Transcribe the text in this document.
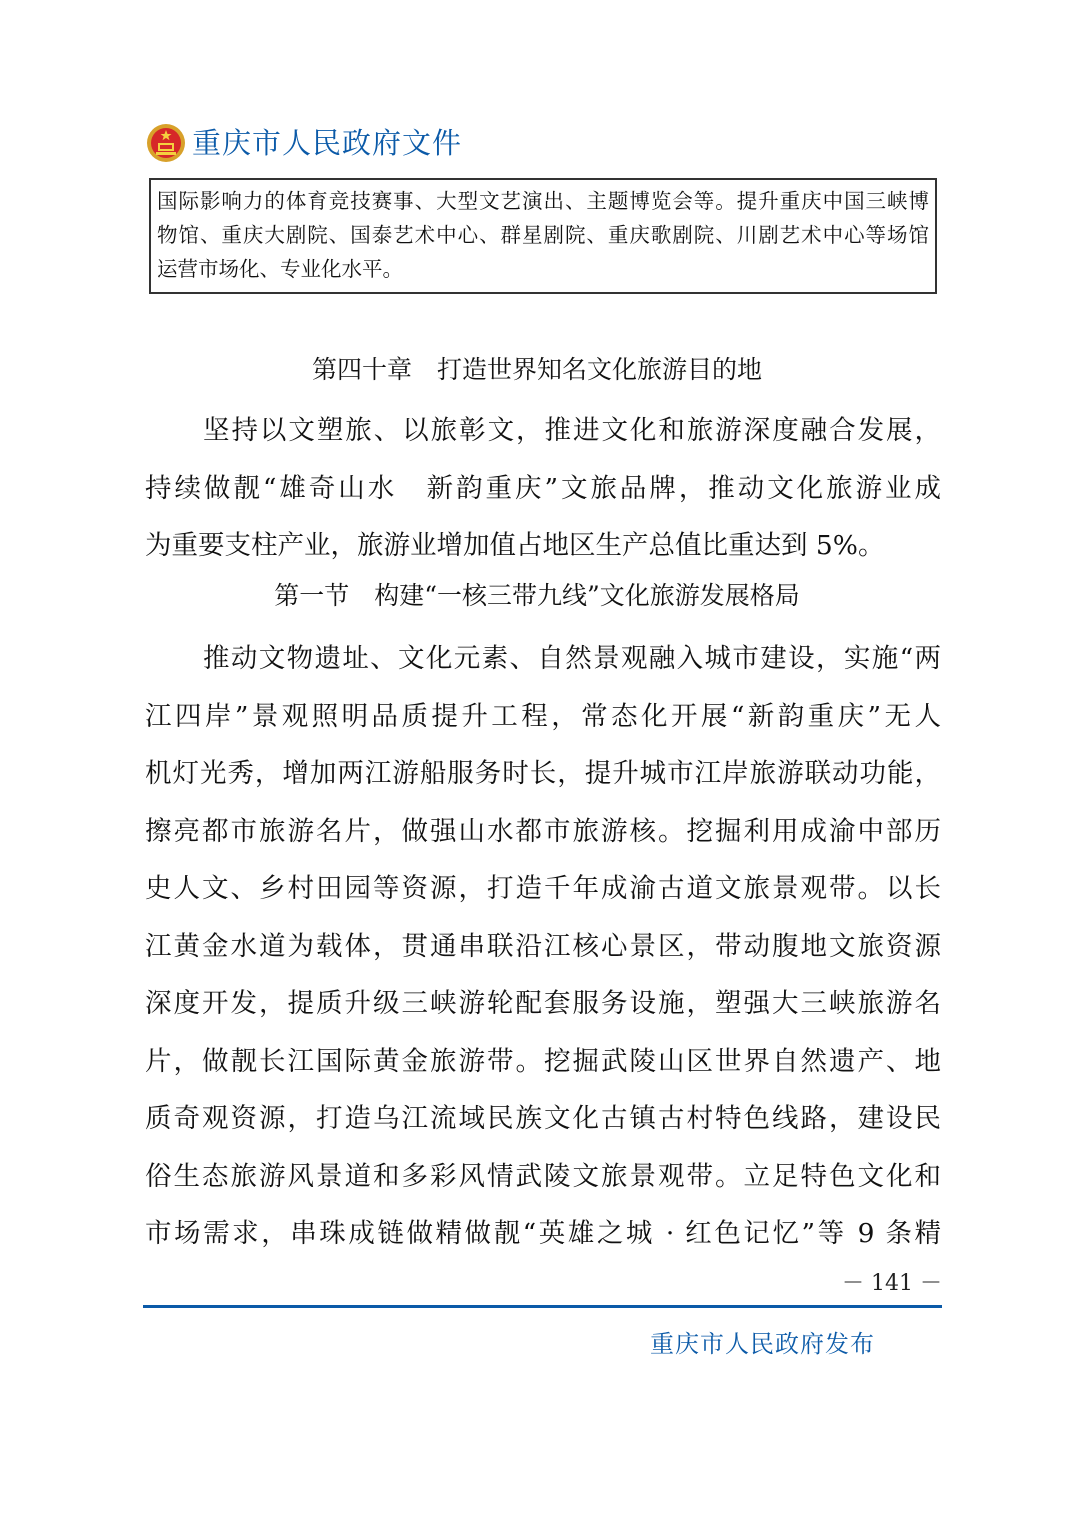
重庆市人民政府文件
国际影响力的体育竞技赛事、大型文艺演出、主题博览会等。提升重庆中国三峡博
物馆、重庆大剧院、国泰艺术中心、群星剧院、重庆歌剧院、川剧艺术中心等场馆
运营市场化、专业化水平。
第四十章　打造世界知名文化旅游目的地
坚持以文塑旅、以旅彰文，推进文化和旅游深度融合发展，
持续做靓“雄奇山水　新韵重庆”文旅品牌，推动文化旅游业成
为重要支柱产业，旅游业增加值占地区生产总值比重达到 5%。
第一节　构建“一核三带九线”文化旅游发展格局
推动文物遗址、文化元素、自然景观融入城市建设，实施“两
江四岸”景观照明品质提升工程，常态化开展“新韵重庆”无人
机灯光秀，增加两江游船服务时长，提升城市江岸旅游联动功能，
擦亮都市旅游名片，做强山水都市旅游核。挖掘利用成渝中部历
史人文、乡村田园等资源，打造千年成渝古道文旅景观带。以长
江黄金水道为载体，贯通串联沿江核心景区，带动腹地文旅资源
深度开发，提质升级三峡游轮配套服务设施，塑强大三峡旅游名
片，做靓长江国际黄金旅游带。挖掘武陵山区世界自然遗产、地
质奇观资源，打造乌江流域民族文化古镇古村特色线路，建设民
俗生态旅游风景道和多彩风情武陵文旅景观带。立足特色文化和
市场需求，串珠成链做精做靓“英雄之城 · 红色记忆”等 9 条精
－ 141 －
重庆市人民政府发布
